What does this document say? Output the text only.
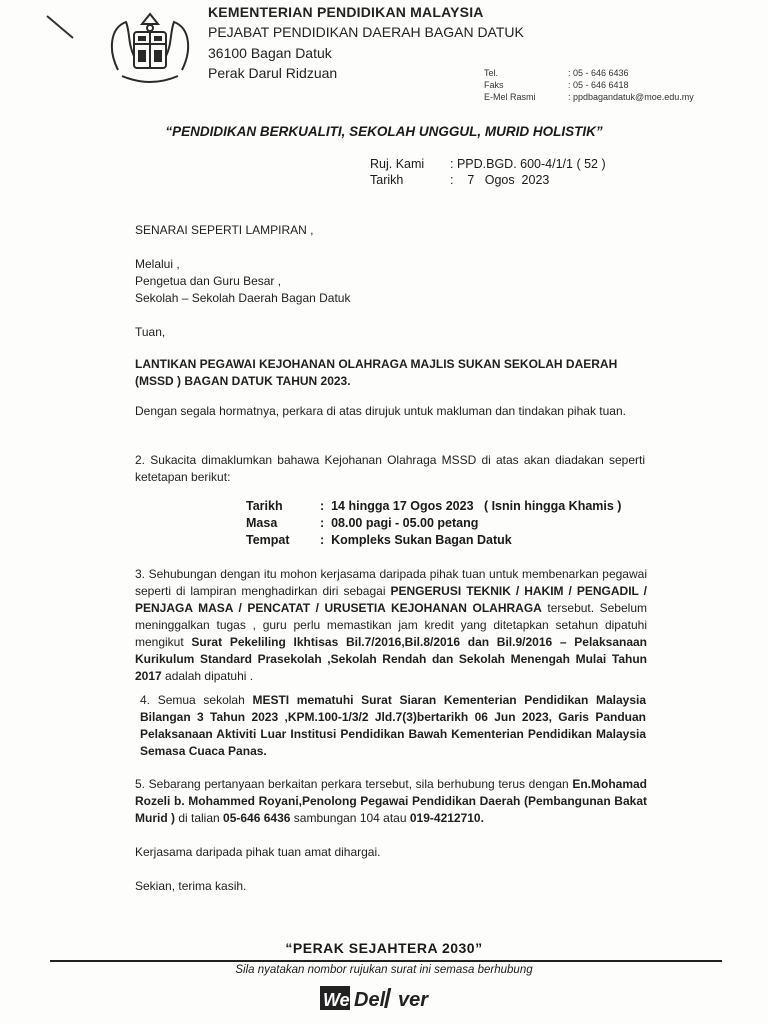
KEMENTERIAN PENDIDIKAN MALAYSIA
PEJABAT PENDIDIKAN DAERAH BAGAN DATUK
36100 Bagan Datuk
Perak Darul Ridzuan	Tel.	: 05 - 646 6436
Faks	: 05 - 646 6418
E-Mel Rasmi	: ppdbagandatuk@moe.edu.my
“PENDIDIKAN BERKUALITI, SEKOLAH UNGGUL, MURID HOLISTIK”
Ruj. Kami : PPD.BGD. 600-4/1/1 ( 52 )
Tarikh	:    7   Ogos  2023
SENARAI SEPERTI LAMPIRAN ,
Melalui ,
Pengetua dan Guru Besar ,
Sekolah – Sekolah Daerah Bagan Datuk
Tuan,
LANTIKAN PEGAWAI KEJOHANAN OLAHRAGA MAJLIS SUKAN SEKOLAH DAERAH (MSSD ) BAGAN DATUK TAHUN 2023.
Dengan segala hormatnya, perkara di atas dirujuk untuk makluman dan tindakan pihak tuan.
2. Sukacita dimaklumkan bahawa Kejohanan Olahraga MSSD di atas akan diadakan seperti ketetapan berikut:
Tarikh	:  14 hingga 17 Ogos 2023   ( Isnin hingga Khamis )
Masa	:  08.00 pagi - 05.00 petang
Tempat :  Kompleks Sukan Bagan Datuk
3. Sehubungan dengan itu mohon kerjasama daripada pihak tuan untuk membenarkan pegawai seperti di lampiran menghadirkan diri sebagai PENGERUSI TEKNIK / HAKIM / PENGADIL / PENJAGA MASA / PENCATAT / URUSETIA KEJOHANAN OLAHRAGA tersebut. Sebelum meninggalkan tugas , guru perlu memastikan jam kredit yang ditetapkan setahun dipatuhi mengikut Surat Pekeliling Ikhtisas Bil.7/2016,Bil.8/2016 dan Bil.9/2016 – Pelaksanaan Kurikulum Standard Prasekolah ,Sekolah Rendah dan Sekolah Menengah Mulai Tahun 2017 adalah dipatuhi .
4. Semua sekolah MESTI mematuhi Surat Siaran Kementerian Pendidikan Malaysia Bilangan 3 Tahun 2023 ,KPM.100-1/3/2 Jld.7(3)bertarikh 06 Jun 2023, Garis Panduan Pelaksanaan Aktiviti Luar Institusi Pendidikan Bawah Kementerian Pendidikan Malaysia Semasa Cuaca Panas.
5. Sebarang pertanyaan berkaitan perkara tersebut, sila berhubung terus dengan En.Mohamad Rozeli b. Mohammed Royani,Penolong Pegawai Pendidikan Daerah (Pembangunan Bakat Murid ) di talian 05-646 6436 sambungan 104 atau 019-4212710.
Kerjasama daripada pihak tuan amat dihargai.
Sekian, terima kasih.
“PERAK SEJAHTERA 2030”
Sila nyatakan nombor rujukan surat ini semasa berhubung
We Del ver
